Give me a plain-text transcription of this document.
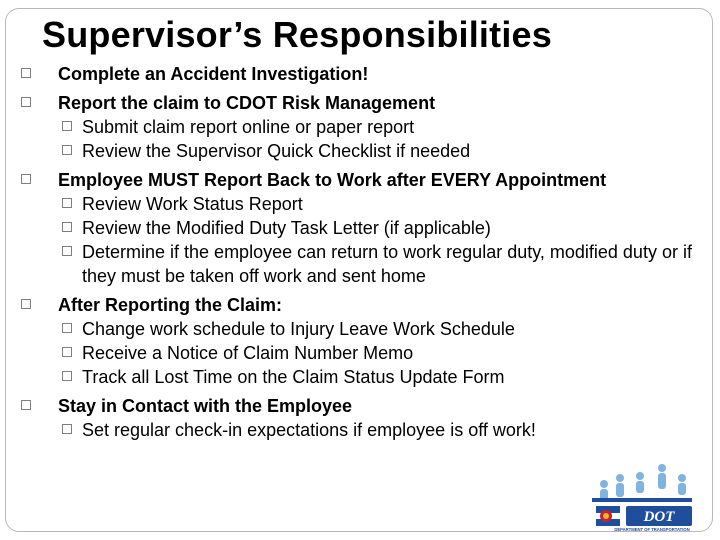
Supervisor’s Responsibilities
Complete an Accident Investigation!
Report the claim to CDOT Risk Management
Submit claim report online or paper report
Review the Supervisor Quick Checklist if needed
Employee MUST Report Back to Work after EVERY Appointment
Review Work Status Report
Review the Modified Duty Task Letter (if applicable)
Determine if the employee can return to work regular duty, modified duty or if they must be taken off work and sent home
After Reporting the Claim:
Change work schedule to Injury Leave Work Schedule
Receive a Notice of Claim Number Memo
Track all Lost Time on the Claim Status Update Form
Stay in Contact with the Employee
Set regular check-in expectations if employee is off work!
DOT
DEPARTMENT OF TRANSPORTATION
